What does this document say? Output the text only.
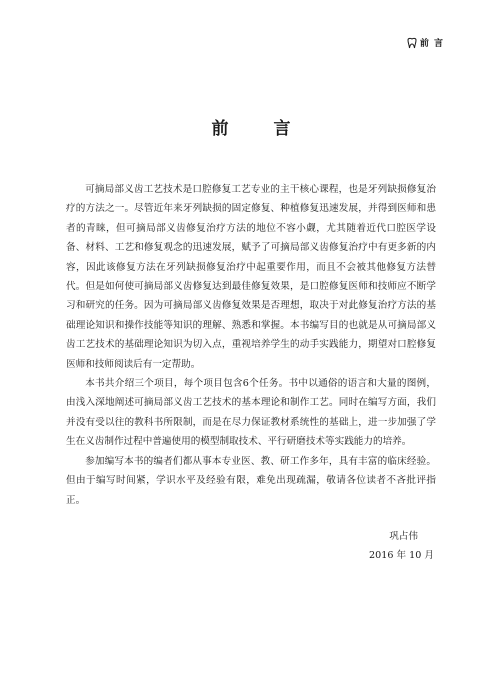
前 言
前　言

可摘局部义齿工艺技术是口腔修复工艺专业的主干核心课程，也是牙列缺损修复治疗的方法之一。尽管近年来牙列缺损的固定修复、种植修复迅速发展，并得到医师和患者的青睐，但可摘局部义齿修复治疗方法的地位不容小觑，尤其随着近代口腔医学设备、材料、工艺和修复观念的迅速发展，赋予了可摘局部义齿修复治疗中有更多新的内容，因此该修复方法在牙列缺损修复治疗中起重要作用，而且不会被其他修复方法替代。但是如何使可摘局部义齿修复达到最佳修复效果，是口腔修复医师和技师应不断学习和研究的任务。因为可摘局部义齿修复效果是否理想，取决于对此修复治疗方法的基础理论知识和操作技能等知识的理解、熟悉和掌握。本书编写目的也就是从可摘局部义齿工艺技术的基础理论知识为切入点，重视培养学生的动手实践能力，期望对口腔修复医师和技师阅读后有一定帮助。

本书共介绍三个项目，每个项目包含6个任务。书中以通俗的语言和大量的图例，由浅入深地阐述可摘局部义齿工艺技术的基本理论和制作工艺。同时在编写方面，我们并没有受以往的教科书所限制，而是在尽力保证教材系统性的基础上，进一步加强了学生在义齿制作过程中普遍使用的模型制取技术、平行研磨技术等实践能力的培养。

参加编写本书的编者们都从事本专业医、教、研工作多年，具有丰富的临床经验。但由于编写时间紧，学识水平及经验有限，难免出现疏漏，敬请各位读者不吝批评指正。

巩占伟
2016 年 10 月
